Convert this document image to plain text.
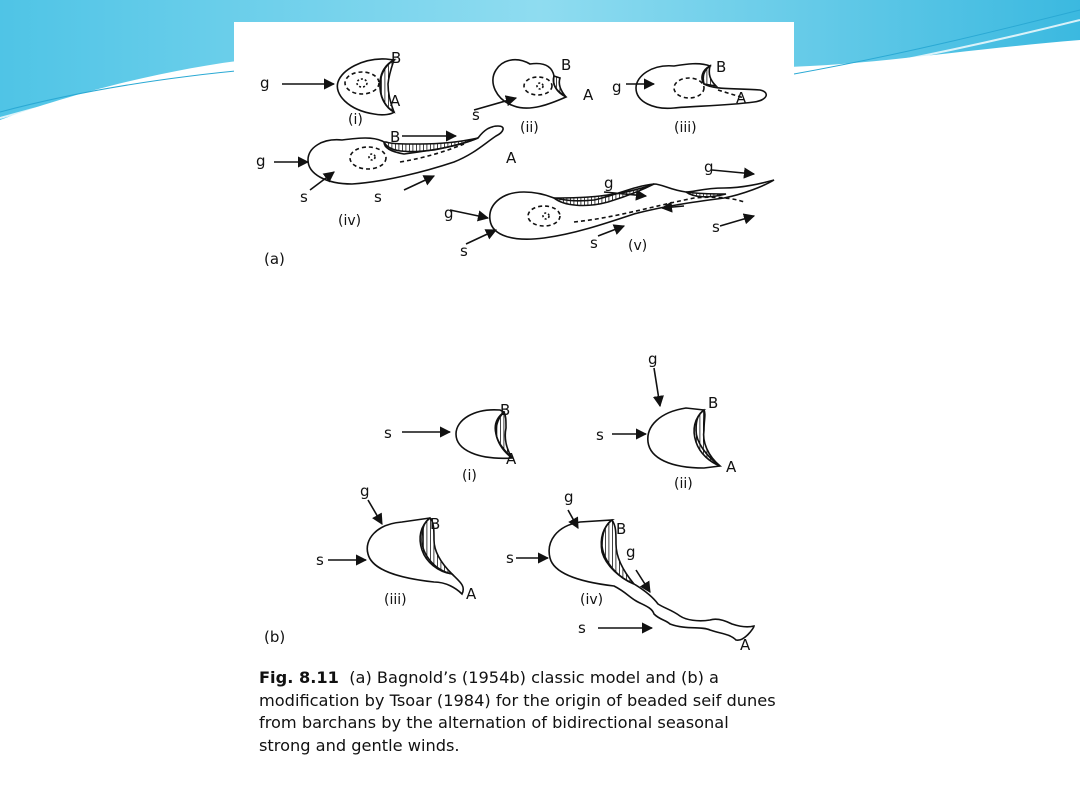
(a)
(b)
(i)	(ii)	(iii)
(iv)
(v)
(i)	(ii)
(iii)	(iv)
B
A
B
A
B
A
B
A
B
A
B
A
B
A
B
A
g
s
g
g
s	s
g
g
g
s	s
s
s	s
g
s
g
s
g
g
s

Fig. 8.11 (a) Bagnold’s (1954b) classic model and (b) a modification by Tsoar (1984) for the origin of beaded seif dunes from barchans by the alternation of bidirectional seasonal strong and gentle winds.
